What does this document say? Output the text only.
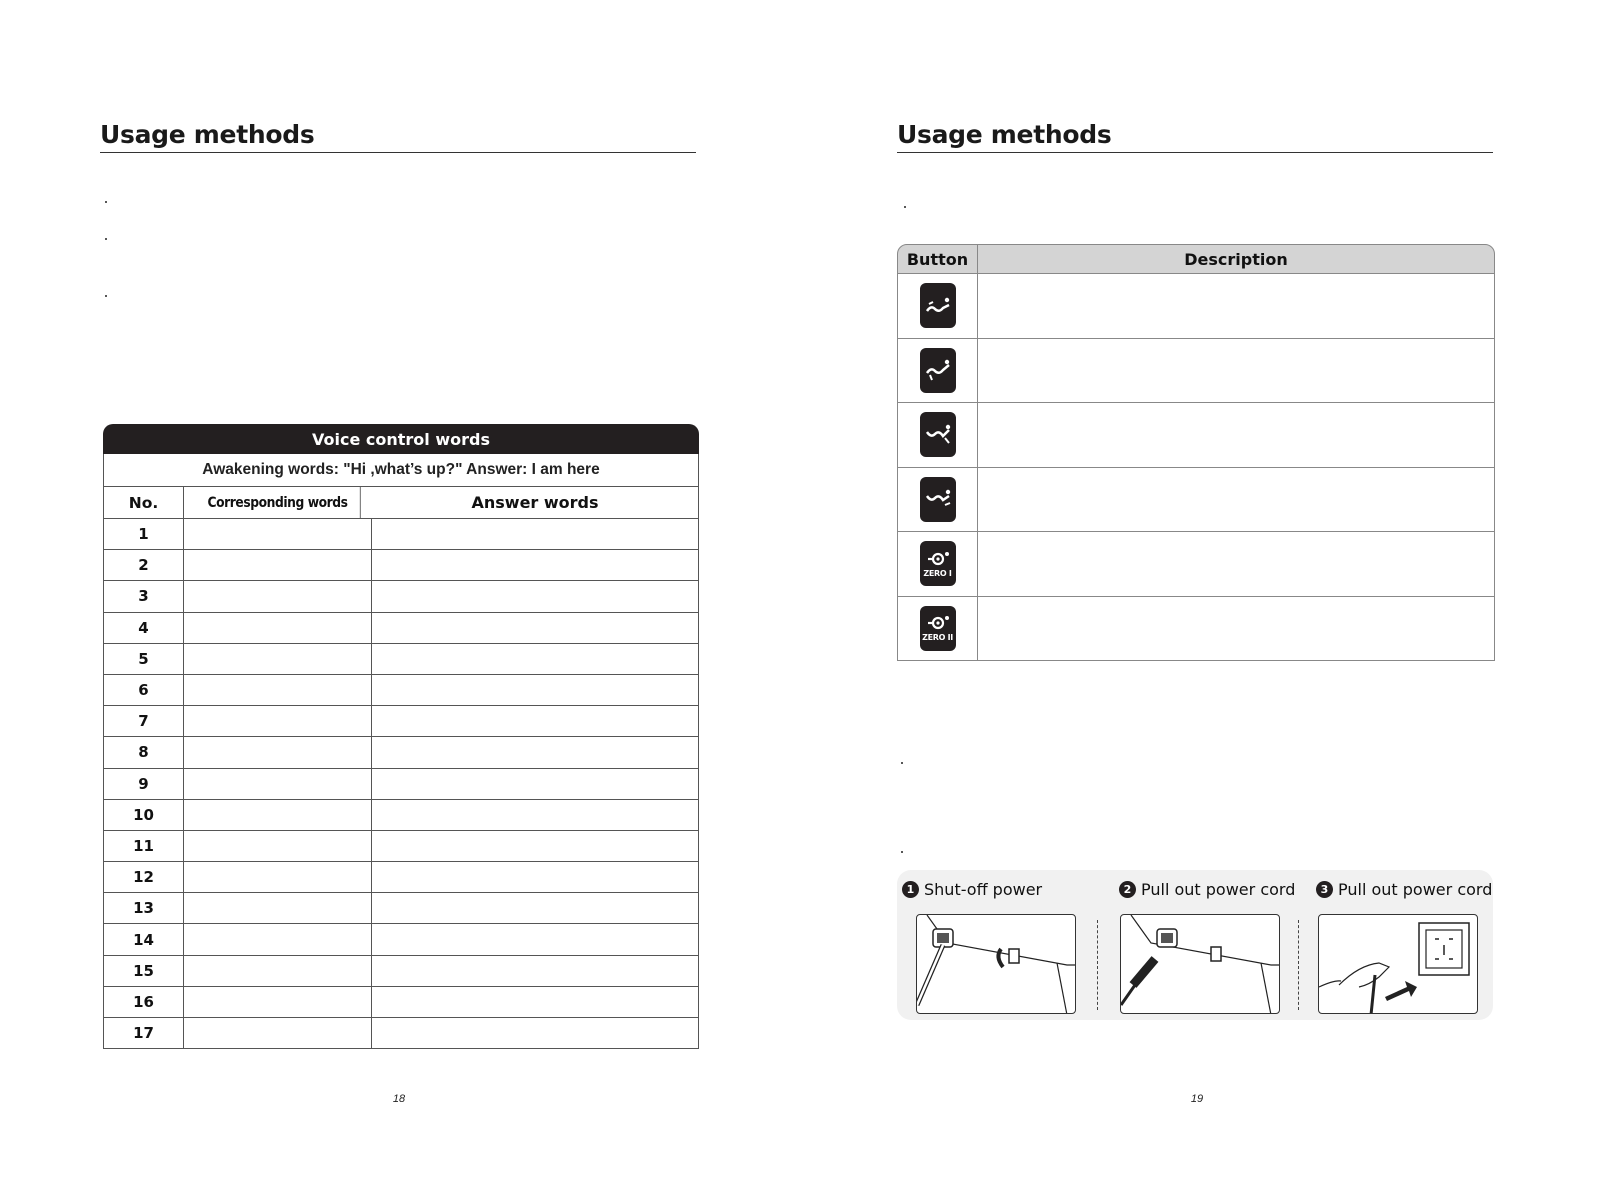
Usage methods
Voice control words
Awakening words: "Hi ,what’s up?" Answer: I am here
No.	Corresponding words	Answer words
1
2
3
4
5
6
7
8
9
10
11
12
13
14
15
16
17
18
Usage methods
Button	Description
ZERO I
ZERO II
1 Shut-off power	2 Pull out power cord	3 Pull out power cord
19
